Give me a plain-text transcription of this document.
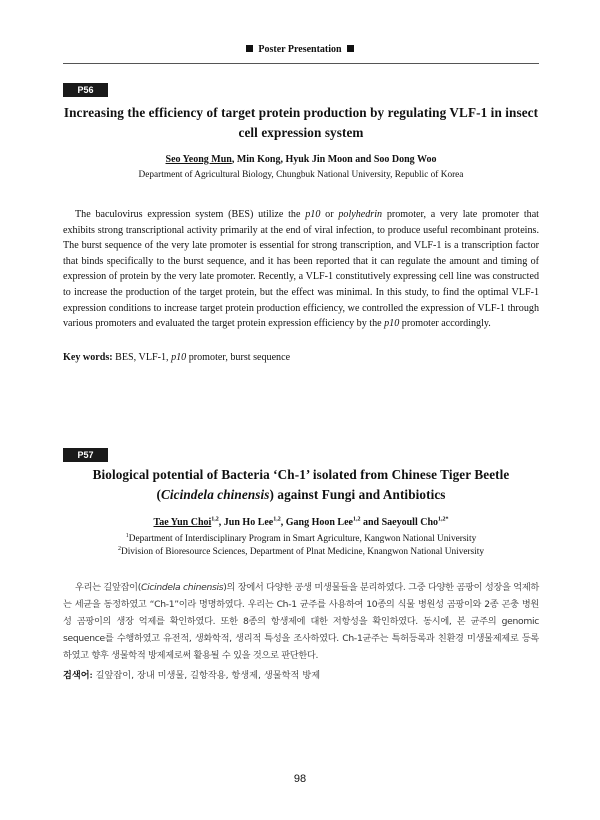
Poster Presentation
P56
Increasing the efficiency of target protein production by regulating VLF-1 in insect
cell expression system
Seo Yeong Mun, Min Kong, Hyuk Jin Moon and Soo Dong Woo
Department of Agricultural Biology, Chungbuk National University, Republic of Korea

The baculovirus expression system (BES) utilize the p10 or polyhedrin promoter, a very late promoter that exhibits strong transcriptional activity primarily at the end of viral infection, to produce useful recombinant proteins. The burst sequence of the very late promoter is essential for strong transcription, and VLF-1 is a transcription factor that binds specifically to the burst sequence, and it has been reported that it can regulate the amount and timing of expression of protein by the very late promoter. Recently, a VLF-1 constitutively expressing cell line was constructed to increase the production of the target protein, but the effect was minimal. In this study, to find the optimal VLF-1 expression conditions to increase target protein production efficiency, we controlled the expression of VLF-1 through various promoters and evaluated the target protein expression efficiency by the p10 promoter accordingly.

Key words: BES, VLF-1, p10 promoter, burst sequence
P57
Biological potential of Bacteria ‘Ch-1’ isolated from Chinese Tiger Beetle
(Cicindela chinensis) against Fungi and Antibiotics
Tae Yun Choi$^{1,2}$, Jun Ho Lee$^{1,2}$, Gang Hoon Lee$^{1,2}$ and Saeyoull Cho$^{1,2*}$
$^1$Department of Interdisciplinary Program in Smart Agriculture, Kangwon National University
$^2$Division of Bioresource Sciences, Department of Plnat Medicine, Knangwon National University

우리는 길앞잡이(Cicindela chinensis)의 장에서 다양한 공생 미생물들을 분리하였다. 그중 다양한 곰팡이 성장을 억제하는 세균을 동정하였고 “Ch-1”이라 명명하였다. 우리는 Ch-1 균주를 사용하여 10종의 식물 병원성 곰팡이와 2종 곤충 병원성 곰팡이의 생장 억제를 확인하였다. 또한 8종의 항생제에 대한 저항성을 확인하였다. 동시에, 본 균주의 genomic sequence를 수행하였고 유전적, 생화학적, 생리적 특성을 조사하였다. Ch-1균주는 특허등록과 친환경 미생물제제로 등록하였고 향후 생물학적 방제제로써 활용될 수 있을 것으로 판단한다.

검색어: 길앞잡이, 장내 미생물, 길항작용, 항생제, 생물학적 방제
98
